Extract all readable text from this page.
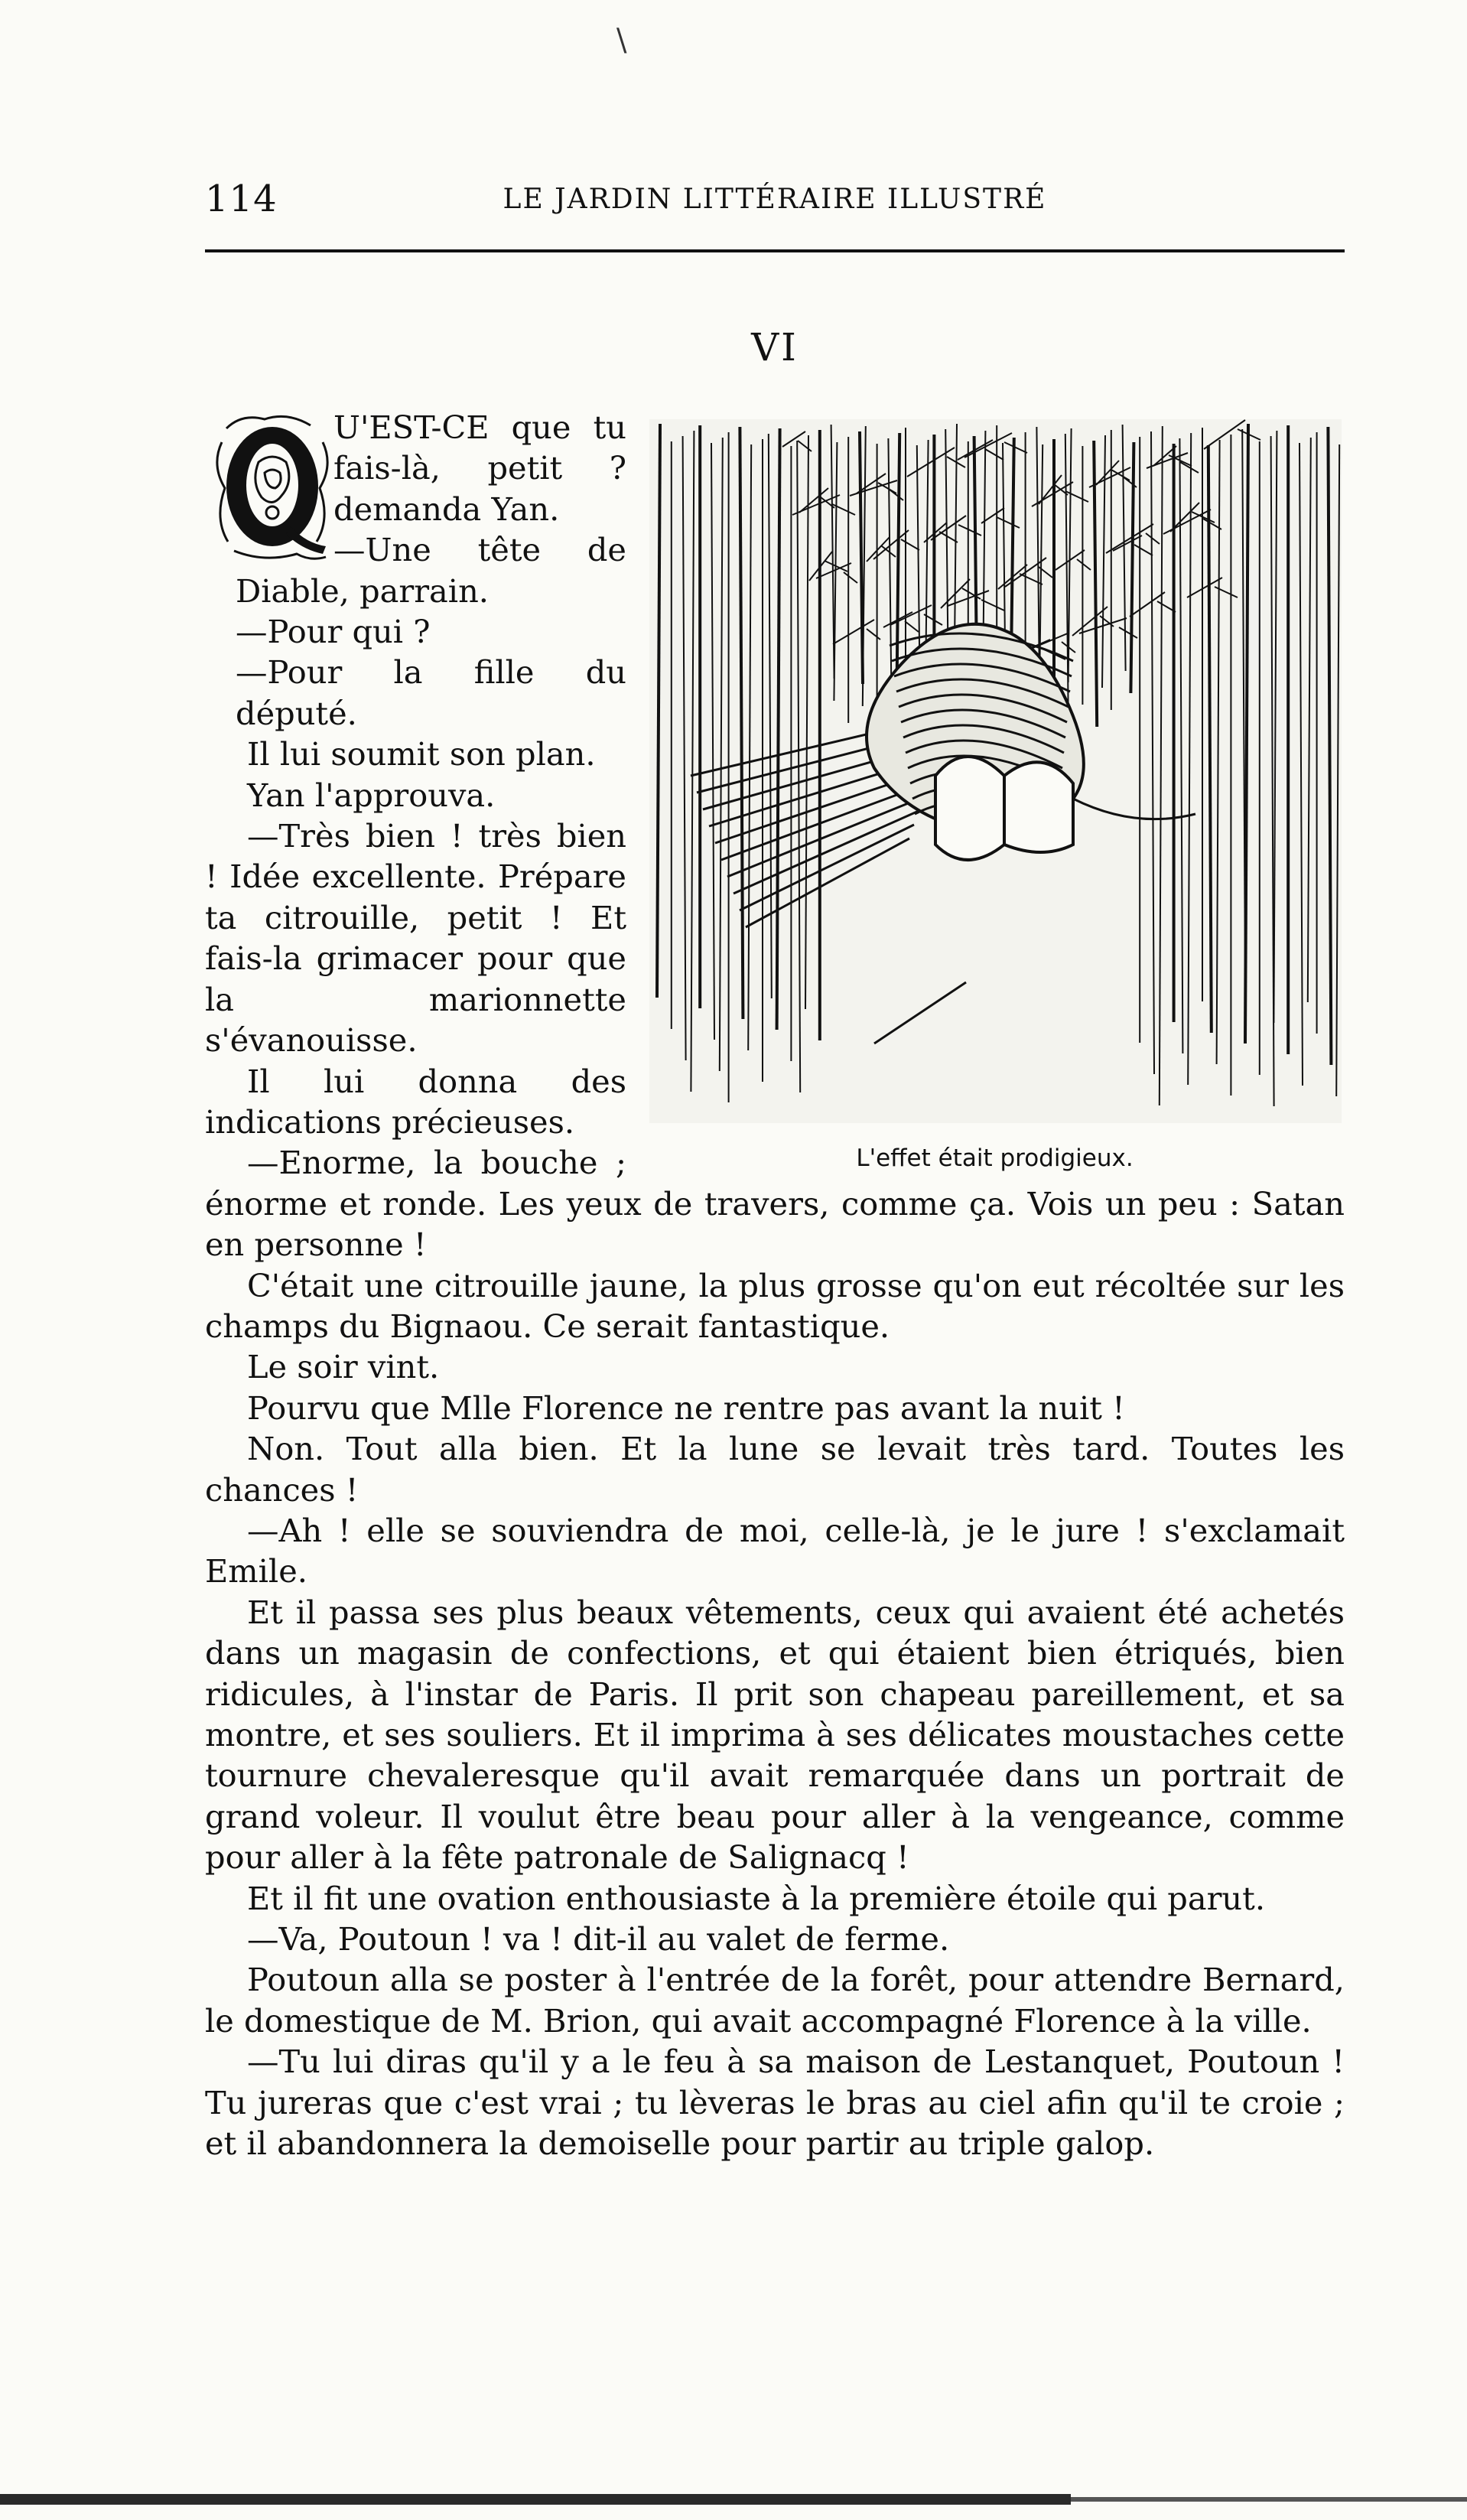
\
114	LE JARDIN LITTÉRAIRE ILLUSTRÉ
VI
L'effet était prodigieux.

U'EST-CE que tu fais-là, petit ? demanda Yan.

—Une tête de Diable, parrain.

—Pour qui ?

—Pour la fille du député.

Il lui soumit son plan.

Yan l'approuva.

—Très bien ! très bien ! Idée excellente. Prépare ta citrouille, petit ! Et fais-la grimacer pour que la marionnette s'évanouisse.

Il lui donna des indications précieuses.

—Enorme, la bouche ; énorme et ronde. Les yeux de travers, comme ça. Vois un peu : Satan en personne !

C'était une citrouille jaune, la plus grosse qu'on eut récoltée sur les champs du Bignaou. Ce serait fantastique.

Le soir vint.

Pourvu que Mlle Florence ne rentre pas avant la nuit !

Non. Tout alla bien. Et la lune se levait très tard. Toutes les chances !

—Ah ! elle se souviendra de moi, celle-là, je le jure ! s'exclamait Emile.

Et il passa ses plus beaux vêtements, ceux qui avaient été achetés dans un magasin de confections, et qui étaient bien étriqués, bien ridicules, à l'instar de Paris. Il prit son chapeau pareillement, et sa montre, et ses souliers. Et il imprima à ses délicates moustaches cette tournure chevaleresque qu'il avait remarquée dans un portrait de grand voleur. Il voulut être beau pour aller à la vengeance, comme pour aller à la fête patronale de Salignacq !

Et il fit une ovation enthousiaste à la première étoile qui parut.

—Va, Poutoun ! va ! dit-il au valet de ferme.

Poutoun alla se poster à l'entrée de la forêt, pour attendre Bernard, le domestique de M. Brion, qui avait accompagné Florence à la ville.

—Tu lui diras qu'il y a le feu à sa maison de Lestanquet, Poutoun ! Tu jureras que c'est vrai ; tu lèveras le bras au ciel afin qu'il te croie ; et il abandonnera la demoiselle pour partir au triple galop.
